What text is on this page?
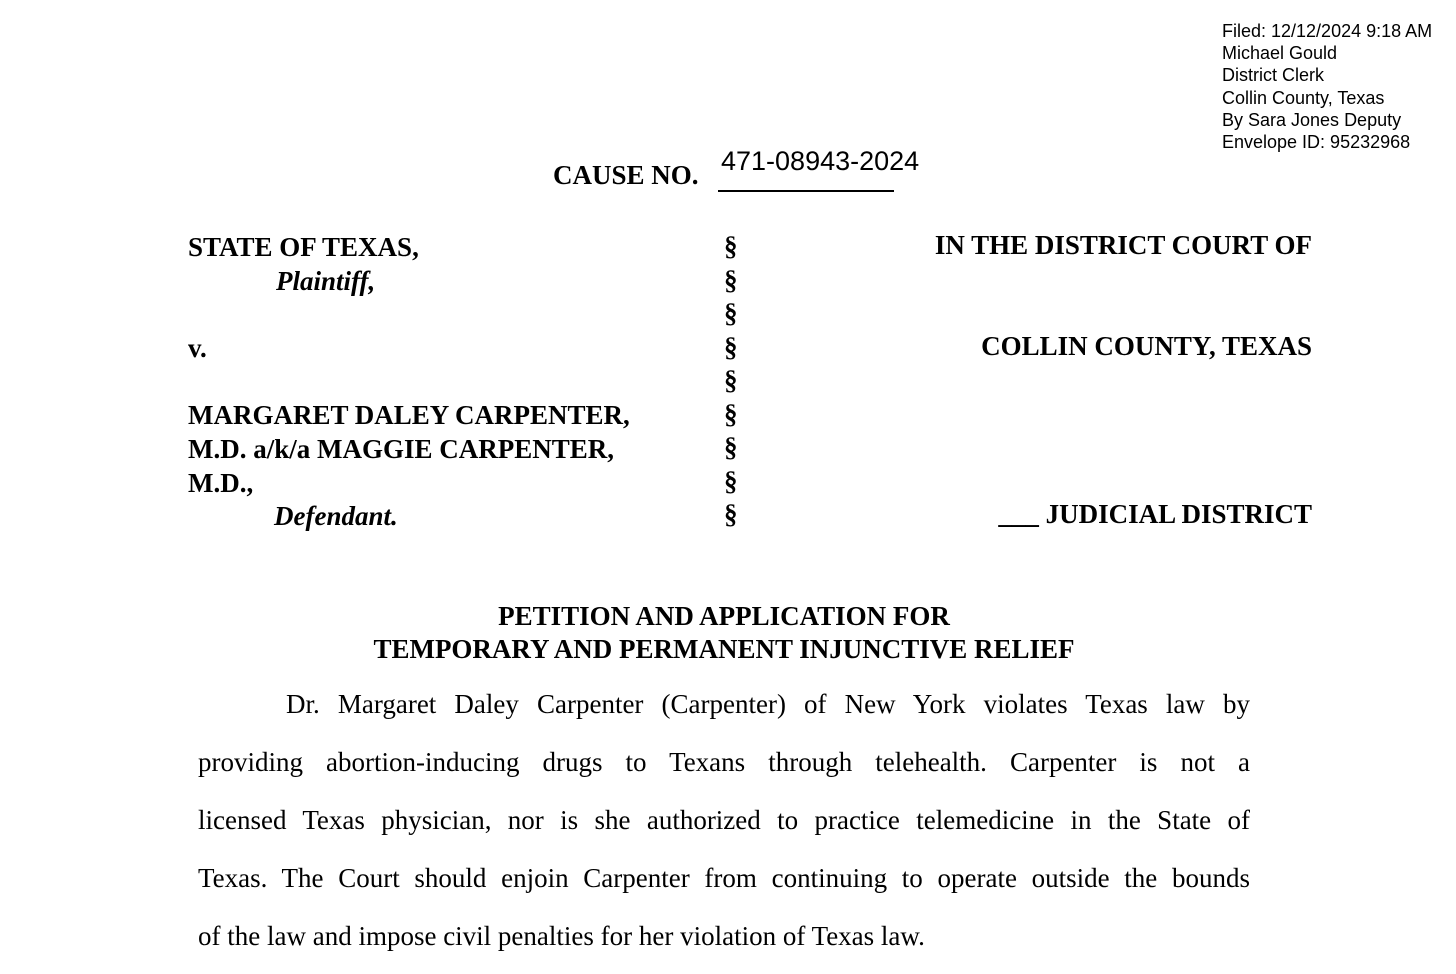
Filed: 12/12/2024 9:18 AM
Michael Gould
District Clerk
Collin County, Texas
By Sara Jones Deputy
Envelope ID: 95232968
CAUSE NO. 471-08943-2024
STATE OF TEXAS,
Plaintiff,
v.
MARGARET DALEY CARPENTER,
M.D. a/k/a MAGGIE CARPENTER,
M.D.,
Defendant.
§
§
§
§
§
§
§
§
§
IN THE DISTRICT COURT OF
COLLIN COUNTY, TEXAS
___ JUDICIAL DISTRICT
PETITION AND APPLICATION FOR
TEMPORARY AND PERMANENT INJUNCTIVE RELIEF
Dr. Margaret Daley Carpenter (Carpenter) of New York violates Texas law by
providing abortion-inducing drugs to Texans through telehealth. Carpenter is not a
licensed Texas physician, nor is she authorized to practice telemedicine in the State of
Texas. The Court should enjoin Carpenter from continuing to operate outside the bounds
of the law and impose civil penalties for her violation of Texas law.
